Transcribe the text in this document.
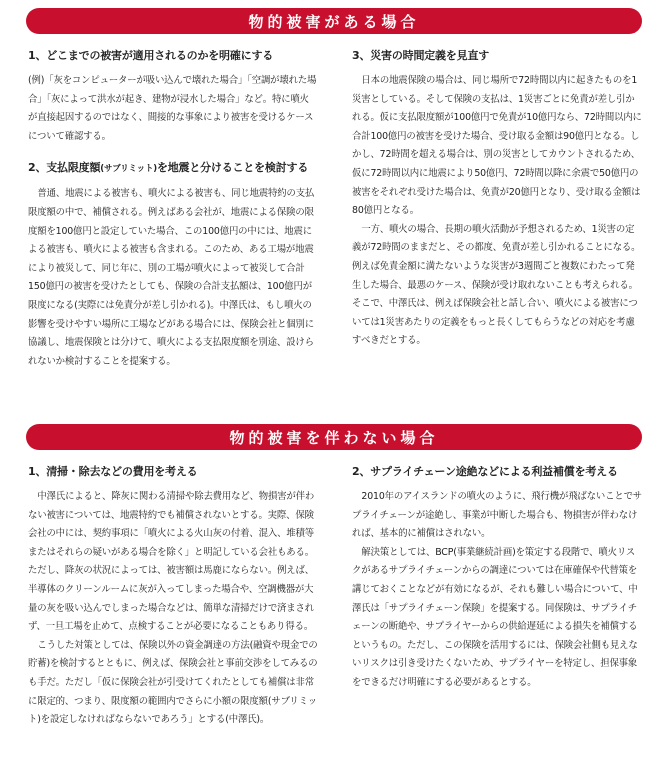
物的被害がある場合

1、どこまでの被害が適用されるのかを明確にする

(例)「灰をコンピューターが吸い込んで壊れた場合」「空調が壊れた場合」「灰によって洪水が起き、建物が浸水した場合」など。特に噴火が直接起因するのではなく、間接的な事象により被害を受けるケースについて確認する。

2、支払限度額(サブリミット)を地震と分けることを検討する

普通、地震による被害も、噴火による被害も、同じ地震特約の支払限度額の中で、補償される。例えばある会社が、地震による保険の限度額を100億円と設定していた場合、この100億円の中には、地震による被害も、噴火による被害も含まれる。このため、ある工場が地震により被災して、同じ年に、別の工場が噴火によって被災して合計150億円の被害を受けたとしても、保険の合計支払額は、100億円が限度になる(実際には免責分が差し引かれる)。中澤氏は、もし噴火の影響を受けやすい場所に工場などがある場合には、保険会社と個別に協議し、地震保険とは分けて、噴火による支払限度額を別途、設けられないか検討することを提案する。

3、災害の時間定義を見直す

日本の地震保険の場合は、同じ場所で72時間以内に起きたものを1災害としている。そして保険の支払は、1災害ごとに免責が差し引かれる。仮に支払限度額が100億円で免責が10億円なら、72時間以内に合計100億円の被害を受けた場合、受け取る金額は90億円となる。しかし、72時間を超える場合は、別の災害としてカウントされるため、仮に72時間以内に地震により50億円、72時間以降に余震で50億円の被害をそれぞれ受けた場合は、免責が20億円となり、受け取る金額は80億円となる。

一方、噴火の場合、長期の噴火活動が予想されるため、1災害の定義が72時間のままだと、その都度、免責が差し引かれることになる。例えば免責金額に満たないような災害が3週間ごと複数にわたって発生した場合、最悪のケース、保険が受け取れないことも考えられる。そこで、中澤氏は、例えば保険会社と話し合い、噴火による被害については1災害あたりの定義をもっと長くしてもらうなどの対応を考慮すべきだとする。

物的被害を伴わない場合

1、清掃・除去などの費用を考える

中澤氏によると、降灰に関わる清掃や除去費用など、物損害が伴わない被害については、地震特約でも補償されないとする。実際、保険会社の中には、契約事項に「噴火による火山灰の付着、混入、堆積等またはそれらの疑いがある場合を除く」と明記している会社もある。ただし、降灰の状況によっては、被害額は馬鹿にならない。例えば、半導体のクリーンルームに灰が入ってしまった場合や、空調機器が大量の灰を吸い込んでしまった場合などは、簡単な清掃だけで済まされず、一旦工場を止めて、点検することが必要になることもあり得る。

こうした対策としては、保険以外の資金調達の方法(融資や現金での貯蓄)を検討するとともに、例えば、保険会社と事前交渉をしてみるのも手だ。ただし「仮に保険会社が引受けてくれたとしても補償は非常に限定的、つまり、限度額の範囲内でさらに小額の限度額(サブリミット)を設定しなければならないであろう」とする(中澤氏)。

2、サプライチェーン途絶などによる利益補償を考える

2010年のアイスランドの噴火のように、飛行機が飛ばないことでサプライチェーンが途絶し、事業が中断した場合も、物損害が伴わなければ、基本的に補償はされない。

解決策としては、BCP(事業継続計画)を策定する段階で、噴火リスクがあるサプライチェーンからの調達については在庫確保や代替策を講じておくことなどが有効になるが、それも難しい場合について、中澤氏は「サプライチェーン保険」を提案する。同保険は、サプライチェーンの断絶や、サプライヤーからの供給遅延による損失を補償するというもの。ただし、この保険を活用するには、保険会社側も見えないリスクは引き受けたくないため、サプライヤーを特定し、担保事象をできるだけ明確にする必要があるとする。
